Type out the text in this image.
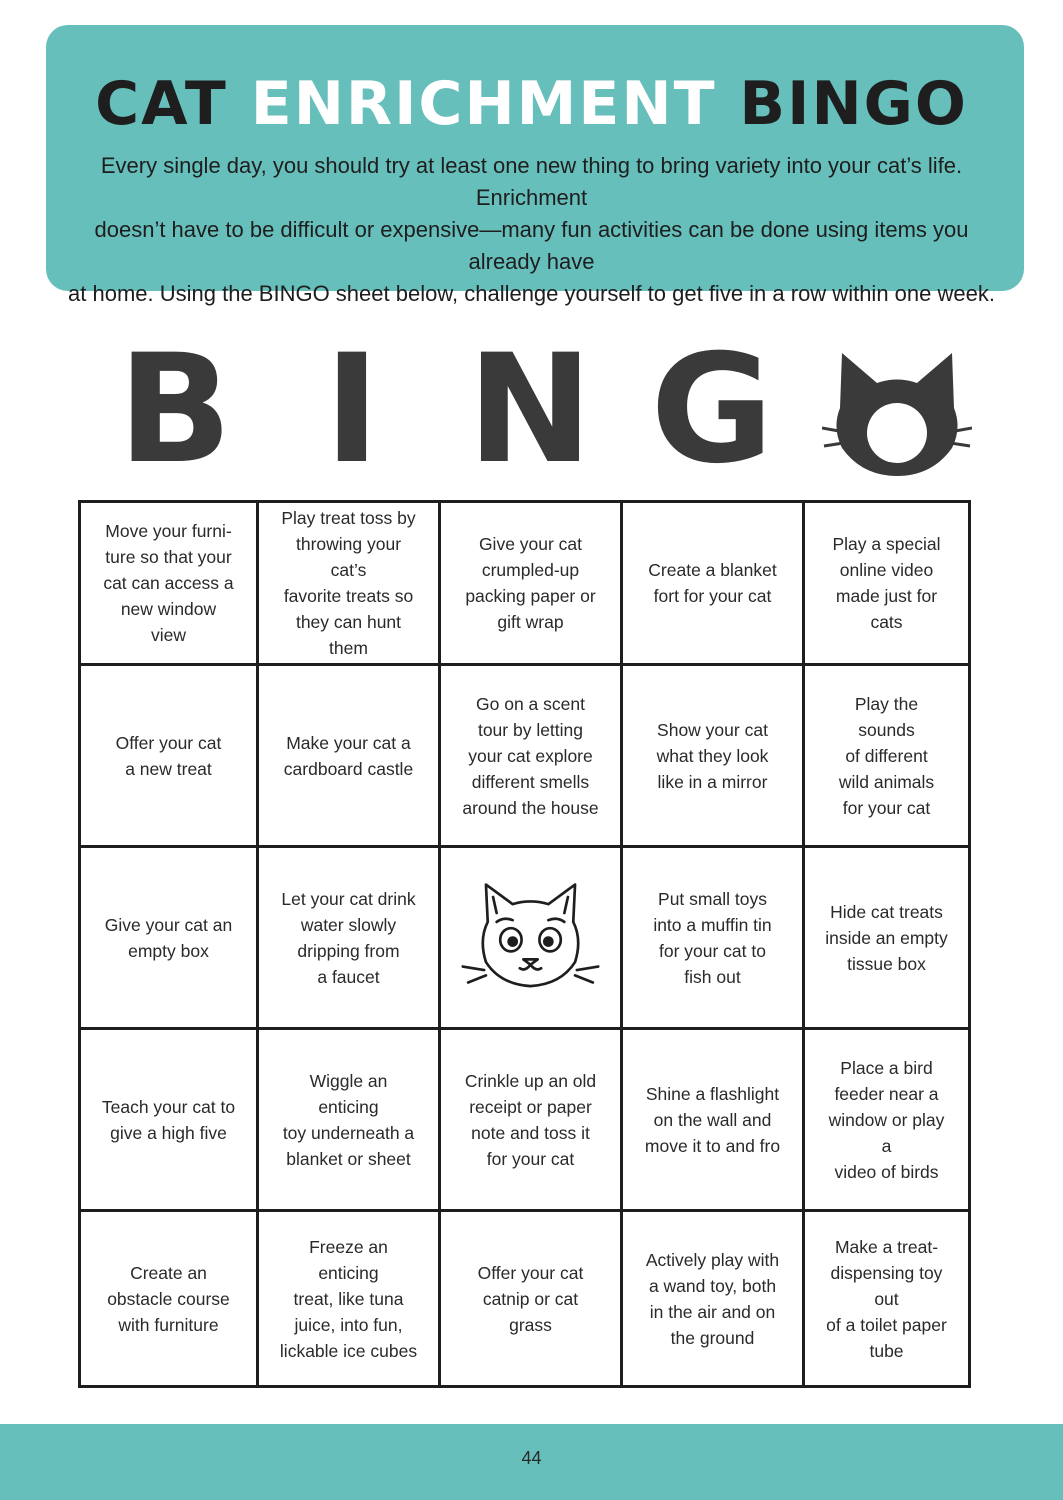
CAT ENRICHMENT BINGO
Every single day, you should try at least one new thing to bring variety into your cat’s life. Enrichment
doesn’t have to be difficult or expensive—many fun activities can be done using items you already have
at home. Using the BINGO sheet below, challenge yourself to get five in a row within one week.
B I N G
Move your furni-
ture so that your
cat can access a
new window view
Play treat toss by
throwing your cat’s
favorite treats so
they can hunt them
Give your cat
crumpled-up
packing paper or
gift wrap
Create a blanket
fort for your cat
Play a special
online video
made just for
cats
Offer your cat
a new treat
Make your cat a
cardboard castle
Go on a scent
tour by letting
your cat explore
different smells
around the house
Show your cat
what they look
like in a mirror
Play the sounds
of different
wild animals
for your cat
Give your cat an
empty box
Let your cat drink
water slowly
dripping from
a faucet
Put small toys
into a muffin tin
for your cat to
fish out
Hide cat treats
inside an empty
tissue box
Teach your cat to
give a high five
Wiggle an enticing
toy underneath a
blanket or sheet
Crinkle up an old
receipt or paper
note and toss it
for your cat
Shine a flashlight
on the wall and
move it to and fro
Place a bird
feeder near a
window or play a
video of birds
Create an
obstacle course
with furniture
Freeze an enticing
treat, like tuna
juice, into fun,
lickable ice cubes
Offer your cat
catnip or cat
grass
Actively play with
a wand toy, both
in the air and on
the ground
Make a treat-
dispensing toy out
of a toilet paper
tube
44
